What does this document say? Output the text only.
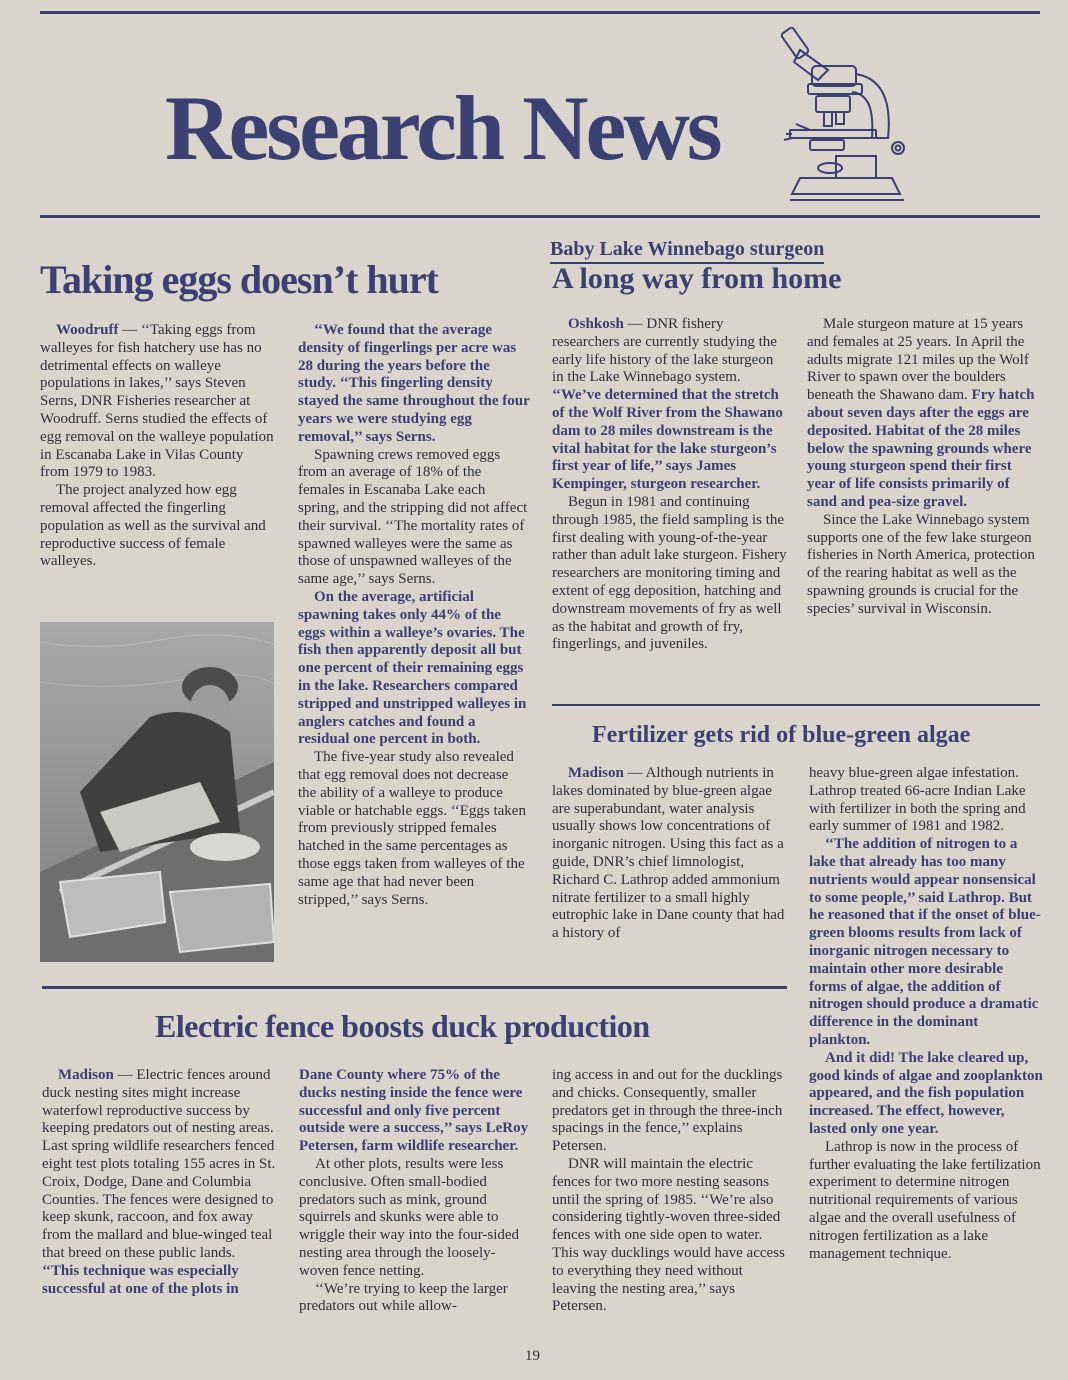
Research News
Taking eggs doesn’t hurt

Woodruff — ‘‘Taking eggs from walleyes for fish hatchery use has no detrimental effects on walleye populations in lakes,’’ says Steven Serns, DNR Fisheries researcher at Woodruff. Serns studied the effects of egg removal on the walleye population in Escanaba Lake in Vilas County from 1979 to 1983.

The project analyzed how egg removal affected the fingerling population as well as the survival and reproductive success of female walleyes.

‘‘We found that the average density of fingerlings per acre was 28 during the years before the study. ‘‘This fingerling density stayed the same throughout the four years we were studying egg removal,’’ says Serns.

Spawning crews removed eggs from an average of 18% of the females in Escanaba Lake each spring, and the stripping did not affect their survival. ‘‘The mortality rates of spawned walleyes were the same as those of unspawned walleyes of the same age,’’ says Serns.

On the average, artificial spawning takes only 44% of the eggs within a walleye’s ovaries. The fish then apparently deposit all but one percent of their remaining eggs in the lake. Researchers compared stripped and unstripped walleyes in anglers catches and found a residual one percent in both.

The five-year study also revealed that egg removal does not decrease the ability of a walleye to produce viable or hatchable eggs. ‘‘Eggs taken from previously stripped females hatched in the same percentages as those eggs taken from walleyes of the same age that had never been stripped,’’ says Serns.

Baby Lake Winnebago sturgeon
A long way from home

Oshkosh — DNR fishery researchers are currently studying the early life history of the lake sturgeon in the Lake Winnebago system. ‘‘We’ve determined that the stretch of the Wolf River from the Shawano dam to 28 miles downstream is the vital habitat for the lake sturgeon’s first year of life,’’ says James Kempinger, sturgeon researcher.

Begun in 1981 and continuing through 1985, the field sampling is the first dealing with young-of-the-year rather than adult lake sturgeon. Fishery researchers are monitoring timing and extent of egg deposition, hatching and downstream movements of fry as well as the habitat and growth of fry, fingerlings, and juveniles.

Male sturgeon mature at 15 years and females at 25 years. In April the adults migrate 121 miles up the Wolf River to spawn over the boulders beneath the Shawano dam. Fry hatch about seven days after the eggs are deposited. Habitat of the 28 miles below the spawning grounds where young sturgeon spend their first year of life consists primarily of sand and pea-size gravel.

Since the Lake Winnebago system supports one of the few lake sturgeon fisheries in North America, protection of the rearing habitat as well as the spawning grounds is crucial for the species’ survival in Wisconsin.

Fertilizer gets rid of blue-green algae

Madison — Although nutrients in lakes dominated by blue-green algae are superabundant, water analysis usually shows low concentrations of inorganic nitrogen. Using this fact as a guide, DNR’s chief limnologist, Richard C. Lathrop added ammonium nitrate fertilizer to a small highly eutrophic lake in Dane county that had a history of

heavy blue-green algae infestation. Lathrop treated 66-acre Indian Lake with fertilizer in both the spring and early summer of 1981 and 1982.

‘‘The addition of nitrogen to a lake that already has too many nutrients would appear nonsensical to some people,’’ said Lathrop. But he reasoned that if the onset of blue-green blooms results from lack of inorganic nitrogen necessary to maintain other more desirable forms of algae, the addition of nitrogen should produce a dramatic difference in the dominant plankton.

And it did! The lake cleared up, good kinds of algae and zooplankton appeared, and the fish population increased. The effect, however, lasted only one year.

Lathrop is now in the process of further evaluating the lake fertilization experiment to determine nitrogen nutritional requirements of various algae and the overall usefulness of nitrogen fertilization as a lake management technique.

Electric fence boosts duck production

Madison — Electric fences around duck nesting sites might increase waterfowl reproductive success by keeping predators out of nesting areas. Last spring wildlife researchers fenced eight test plots totaling 155 acres in St. Croix, Dodge, Dane and Columbia Counties. The fences were designed to keep skunk, raccoon, and fox away from the mallard and blue-winged teal that breed on these public lands. ‘‘This technique was especially successful at one of the plots in

Dane County where 75% of the ducks nesting inside the fence were successful and only five percent outside were a success,’’ says LeRoy Petersen, farm wildlife researcher.

At other plots, results were less conclusive. Often small-bodied predators such as mink, ground squirrels and skunks were able to wriggle their way into the four-sided nesting area through the loosely-woven fence netting.

‘‘We’re trying to keep the larger predators out while allow-

ing access in and out for the ducklings and chicks. Consequently, smaller predators get in through the three-inch spacings in the fence,’’ explains Petersen.

DNR will maintain the electric fences for two more nesting seasons until the spring of 1985. ‘‘We’re also considering tightly-woven three-sided fences with one side open to water. This way ducklings would have access to everything they need without leaving the nesting area,’’ says Petersen.

19
